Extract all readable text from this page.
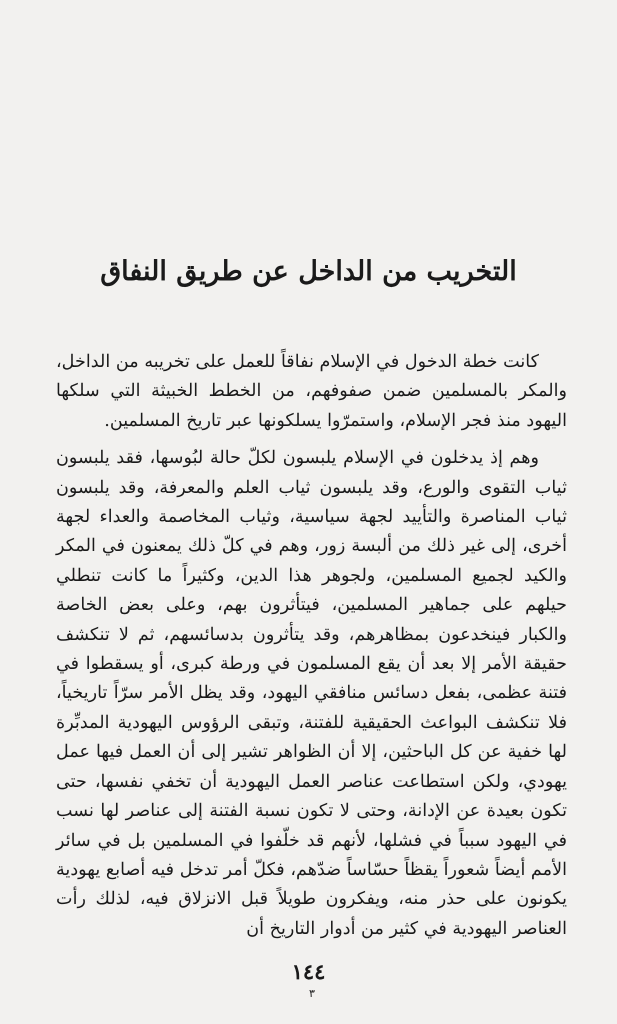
التخريب من الداخل عن طريق النفاق

كانت خطة الدخول في الإسلام نفاقاً للعمل على تخريبه من الداخل، والمكر بالمسلمين ضمن صفوفهم، من الخطط الخبيثة التي سلكها اليهود منذ فجر الإسلام، واستمرّوا يسلكونها عبر تاريخ المسلمين.

وهم إذ يدخلون في الإسلام يلبسون لكلّ حالة لبُوسها، فقد يلبسون ثياب التقوى والورع، وقد يلبسون ثياب العلم والمعرفة، وقد يلبسون ثياب المناصرة والتأييد لجهة سياسية، وثياب المخاصمة والعداء لجهة أخرى، إلى غير ذلك من ألبسة زور، وهم في كلّ ذلك يمعنون في المكر والكيد لجميع المسلمين، ولجوهر هذا الدين، وكثيراً ما كانت تنطلي حيلهم على جماهير المسلمين، فيتأثرون بهم، وعلى بعض الخاصة والكبار فينخدعون بمظاهرهم، وقد يتأثرون بدسائسهم، ثم لا تنكشف حقيقة الأمر إلا بعد أن يقع المسلمون في ورطة كبرى، أو يسقطوا في فتنة عظمى، بفعل دسائس منافقي اليهود، وقد يظل الأمر سرّاً تاريخياً، فلا تنكشف البواعث الحقيقية للفتنة، وتبقى الرؤوس اليهودية المدبِّرة لها خفية عن كل الباحثين، إلا أن الظواهر تشير إلى أن العمل فيها عمل يهودي، ولكن استطاعت عناصر العمل اليهودية أن تخفي نفسها، حتى تكون بعيدة عن الإدانة، وحتى لا تكون نسبة الفتنة إلى عناصر لها نسب في اليهود سبباً في فشلها، لأنهم قد خلّفوا في المسلمين بل في سائر الأمم أيضاً شعوراً يقظاً حسّاساً ضدّهم، فكلّ أمر تدخل فيه أصابع يهودية يكونون على حذر منه، ويفكرون طويلاً قبل الانزلاق فيه، لذلك رأت العناصر اليهودية في كثير من أدوار التاريخ أن

١٤٤
٣
